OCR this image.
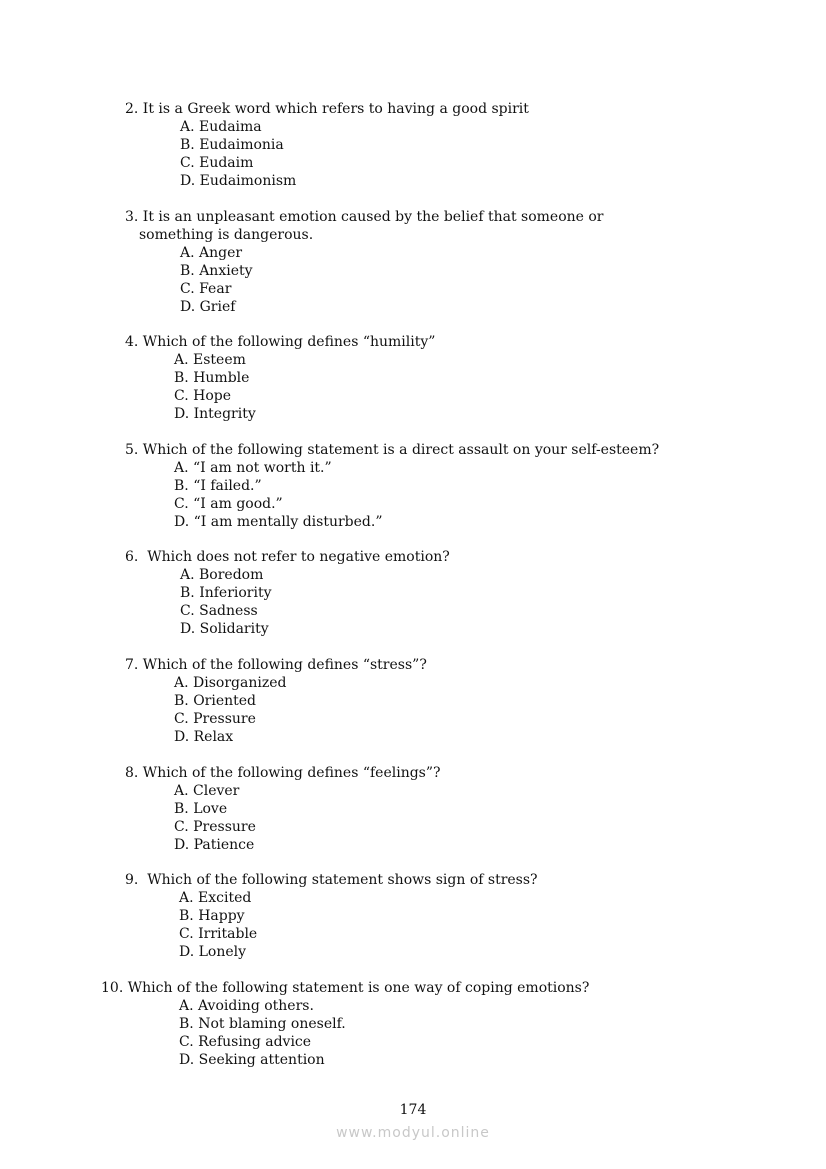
2. It is a Greek word which refers to having a good spirit
A. Eudaima
B. Eudaimonia
C. Eudaim
D. Eudaimonism
3. It is an unpleasant emotion caused by the belief that someone or
something is dangerous.
A. Anger
B. Anxiety
C. Fear
D. Grief
4. Which of the following defines “humility”
A. Esteem
B. Humble
C. Hope
D. Integrity
5. Which of the following statement is a direct assault on your self-esteem?
A. “I am not worth it.”
B. “I failed.”
C. “I am good.”
D. “I am mentally disturbed.”
6.  Which does not refer to negative emotion?
A. Boredom
B. Inferiority
C. Sadness
D. Solidarity
7. Which of the following defines “stress”?
A. Disorganized
B. Oriented
C. Pressure
D. Relax
8. Which of the following defines “feelings”?
A. Clever
B. Love
C. Pressure
D. Patience
9.  Which of the following statement shows sign of stress?
A. Excited
B. Happy
C. Irritable
D. Lonely
10. Which of the following statement is one way of coping emotions?
A. Avoiding others.
B. Not blaming oneself.
C. Refusing advice
D. Seeking attention
174
www.modyul.online
